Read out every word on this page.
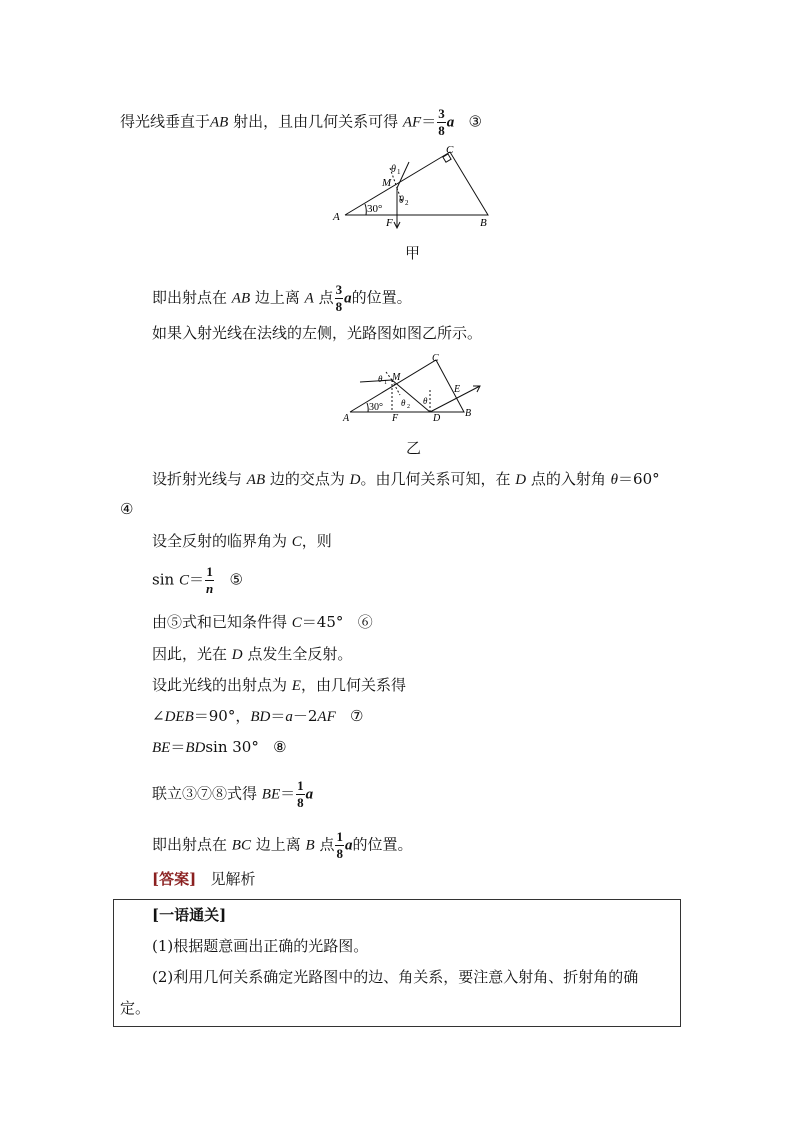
得光线垂直于AB 射出，且由几何关系可得 $AF= \frac{3}{8}$ a ③
A	B
C
M
F
30°
θ 1
θ 2
甲
即出射点在 AB 边上离 A 点 $\frac{3}{8}$ a的位置。
如果入射光线在法线的左侧，光路图如图乙所示。
A	B
C
M
F	D
E
30°
θ 1
θ 2
θ
乙
设折射光线与 AB 边的交点为 D。由几何关系可知，在 D 点的入射角 θ＝60°
④
设全反射的临界角为 C，则
$\sin C= \frac{1}{n}$ ⑤
由⑤式和已知条件得 C＝45° ⑥
因此，光在 D 点发生全反射。
设此光线的出射点为 E，由几何关系得
∠DEB＝90°，BD＝a－2AF ⑦
BE＝BDsin 30° ⑧
联立③⑦⑧式得 $BE= \frac{1}{8}$ a
即出射点在 BC 边上离 B 点 $\frac{1}{8}$ a的位置。
[答案] 见解析
[一语通关]
(1)根据题意画出正确的光路图。
(2)利用几何关系确定光路图中的边、角关系，要注意入射角、折射角的确
定。
